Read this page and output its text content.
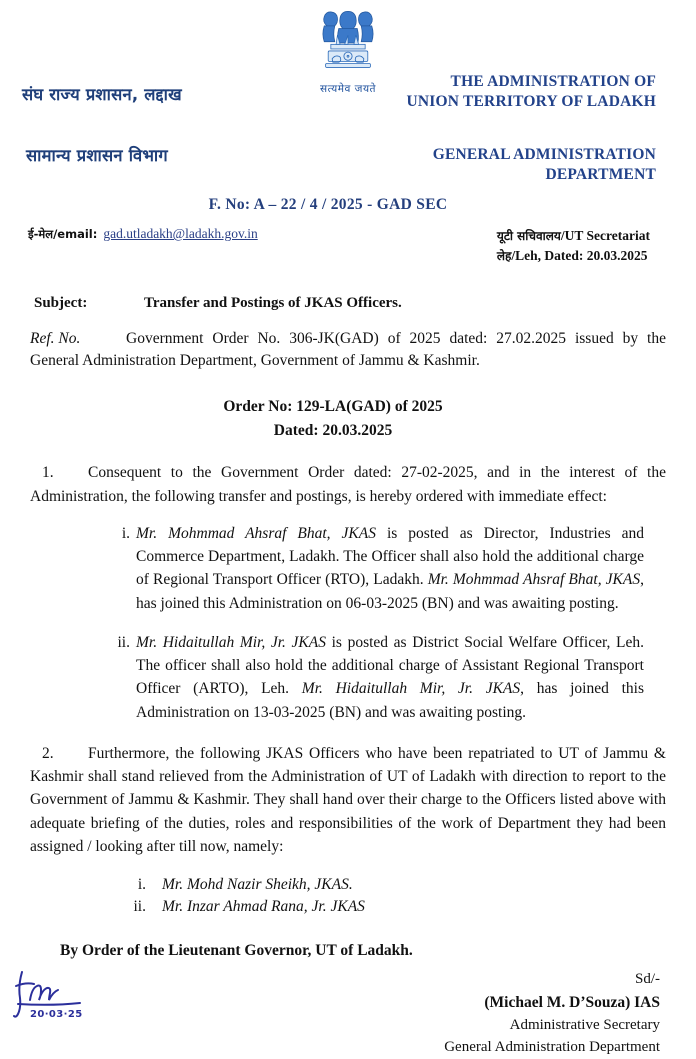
सत्यमेव जयते
संघ राज्य प्रशासन, लद्दाख
सामान्य प्रशासन विभाग
THE ADMINISTRATION OF
UNION TERRITORY OF LADAKH
GENERAL ADMINISTRATION
DEPARTMENT
F. No: A – 22 / 4 / 2025 - GAD SEC
ई-मेल/email: gad.utladakh@ladakh.gov.in	यूटी सचिवालय/UT Secretariat
लेह/Leh, Dated: 20.03.2025
Subject:	Transfer and Postings of JKAS Officers.
Ref. No.	Government Order No. 306-JK(GAD) of 2025 dated: 27.02.2025 issued by the General Administration Department, Government of Jammu & Kashmir.
Order No: 129-LA(GAD) of 2025
Dated: 20.03.2025
1. Consequent to the Government Order dated: 27-02-2025, and in the interest of the Administration, the following transfer and postings, is hereby ordered with immediate effect:
i. Mr. Mohmmad Ahsraf Bhat, JKAS is posted as Director, Industries and Commerce Department, Ladakh. The Officer shall also hold the additional charge of Regional Transport Officer (RTO), Ladakh. Mr. Mohmmad Ahsraf Bhat, JKAS, has joined this Administration on 06-03-2025 (BN) and was awaiting posting.
ii. Mr. Hidaitullah Mir, Jr. JKAS is posted as District Social Welfare Officer, Leh. The officer shall also hold the additional charge of Assistant Regional Transport Officer (ARTO), Leh. Mr. Hidaitullah Mir, Jr. JKAS, has joined this Administration on 13-03-2025 (BN) and was awaiting posting.
2. Furthermore, the following JKAS Officers who have been repatriated to UT of Jammu & Kashmir shall stand relieved from the Administration of UT of Ladakh with direction to report to the Government of Jammu & Kashmir. They shall hand over their charge to the Officers listed above with adequate briefing of the duties, roles and responsibilities of the work of Department they had been assigned / looking after till now, namely:
i.	Mr. Mohd Nazir Sheikh, JKAS.
ii.	Mr. Inzar Ahmad Rana, Jr. JKAS
By Order of the Lieutenant Governor, UT of Ladakh.
Sd/-
(Michael M. D’Souza) IAS
Administrative Secretary
General Administration Department
20·03·25
